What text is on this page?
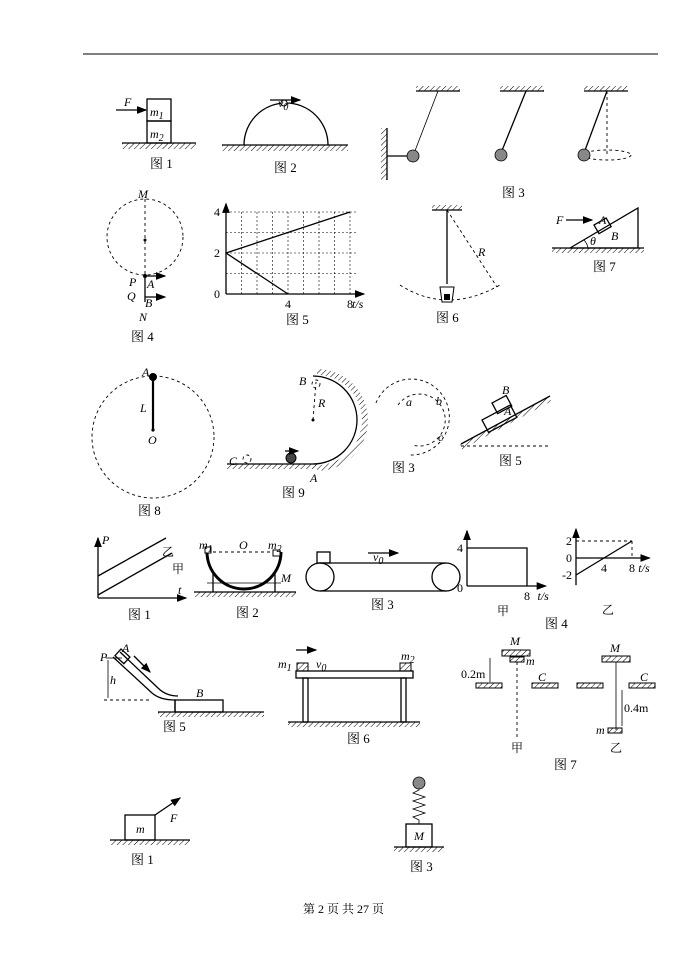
F
$m_1$
$m_2$
图 1
$v_0$
图 2
图 3
M
P A
Q B
N
图 4
0
2
4
4	8
t/s
图 5
R
图 6
F	A
B
θ
图 7
A
L
O
图 8
B
R
C
A
图 9
a b
c
图 3
B
A
图 5
P
t
乙
甲
图 1
$m_1$ O $m_2$
M
图 2
$v_0$
图 3
4
0
8 t/s
甲
-2
0
2
4 8 t/s
乙
图 4
P
A
h
B
图 5
$m_1$ $v_0$
$m_2$
图 6
M
m
C
0.2m
甲
M
C
0.4m
m
乙
图 7
m
F
图 1
M
图 3
第 2 页 共 27 页
